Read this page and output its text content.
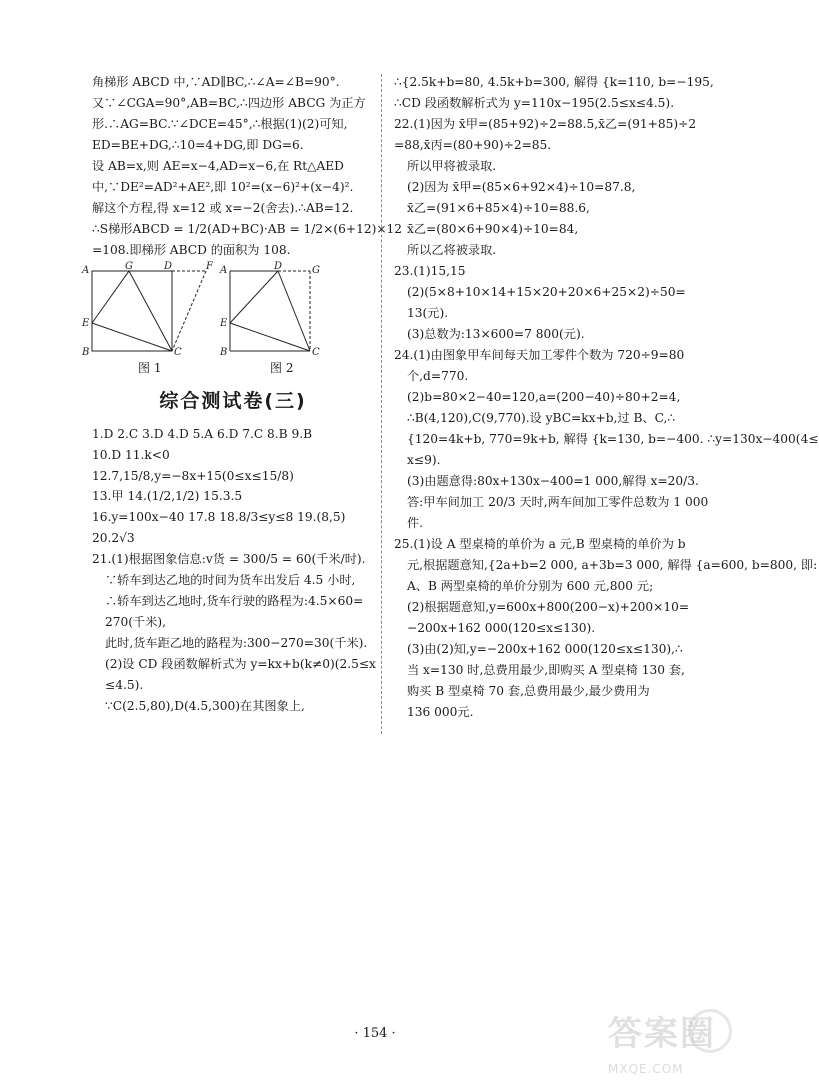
角梯形 ABCD 中,∵AD∥BC,∴∠A=∠B=90°.
又∵∠CGA=90°,AB=BC,∴四边形 ABCG 为正方
形.∴AG=BC.∵∠DCE=45°,∴根据(1)(2)可知,
ED=BE+DG,∴10=4+DG,即 DG=6.
设 AB=x,则 AE=x−4,AD=x−6,在 Rt△AED
中,∵DE²=AD²+AE²,即 10²=(x−6)²+(x−4)².
解这个方程,得 x=12 或 x=−2(舍去).∴AB=12.
∴S梯形ABCD = 1/2(AD+BC)·AB = 1/2×(6+12)×12
=108.即梯形 ABCD 的面积为 108.
A	G	D	F
E
B	C
图 1
A	D	G
E
B	C
图 2
综合测试卷(三)
1.D 2.C 3.D 4.D 5.A 6.D 7.C 8.B 9.B
10.D 11.k<0
12.7,15/8,y=−8x+15(0≤x≤15/8)
13.甲 14.(1/2,1/2) 15.3.5
16.y=100x−40 17.8 18.8/3≤y≤8 19.(8,5)
20.2√3
21.(1)根据图象信息:v货 = 300/5 = 60(千米/时).
∵轿车到达乙地的时间为货车出发后 4.5 小时,
∴轿车到达乙地时,货车行驶的路程为:4.5×60=
270(千米),
此时,货车距乙地的路程为:300−270=30(千米).
(2)设 CD 段函数解析式为 y=kx+b(k≠0)(2.5≤x
≤4.5).
∵C(2.5,80),D(4.5,300)在其图象上,
∴{2.5k+b=80, 4.5k+b=300, 解得 {k=110, b=−195,
∴CD 段函数解析式为 y=110x−195(2.5≤x≤4.5).
22.(1)因为 x̄甲=(85+92)÷2=88.5,x̄乙=(91+85)÷2
=88,x̄丙=(80+90)÷2=85.
所以甲将被录取.
(2)因为 x̄甲=(85×6+92×4)÷10=87.8,
x̄乙=(91×6+85×4)÷10=88.6,
x̄乙=(80×6+90×4)÷10=84,
所以乙将被录取.
23.(1)15,15
(2)(5×8+10×14+15×20+20×6+25×2)÷50=
13(元).
(3)总数为:13×600=7 800(元).
24.(1)由图象甲车间每天加工零件个数为 720÷9=80
个,d=770.
(2)b=80×2−40=120,a=(200−40)÷80+2=4,
∴B(4,120),C(9,770).设 yBC=kx+b,过 B、C,∴
{120=4k+b, 770=9k+b, 解得 {k=130, b=−400. ∴y=130x−400(4≤
x≤9).
(3)由题意得:80x+130x−400=1 000,解得 x=20/3.
答:甲车间加工 20/3 天时,两车间加工零件总数为 1 000
件.
25.(1)设 A 型桌椅的单价为 a 元,B 型桌椅的单价为 b
元,根据题意知,{2a+b=2 000, a+3b=3 000, 解得 {a=600, b=800, 即:
A、B 两型桌椅的单价分别为 600 元,800 元;
(2)根据题意知,y=600x+800(200−x)+200×10=
−200x+162 000(120≤x≤130).
(3)由(2)知,y=−200x+162 000(120≤x≤130),∴
当 x=130 时,总费用最少,即购买 A 型桌椅 130 套,
购买 B 型桌椅 70 套,总费用最少,最少费用为
136 000元.
· 154 ·	答案圈
MXQE.COM
